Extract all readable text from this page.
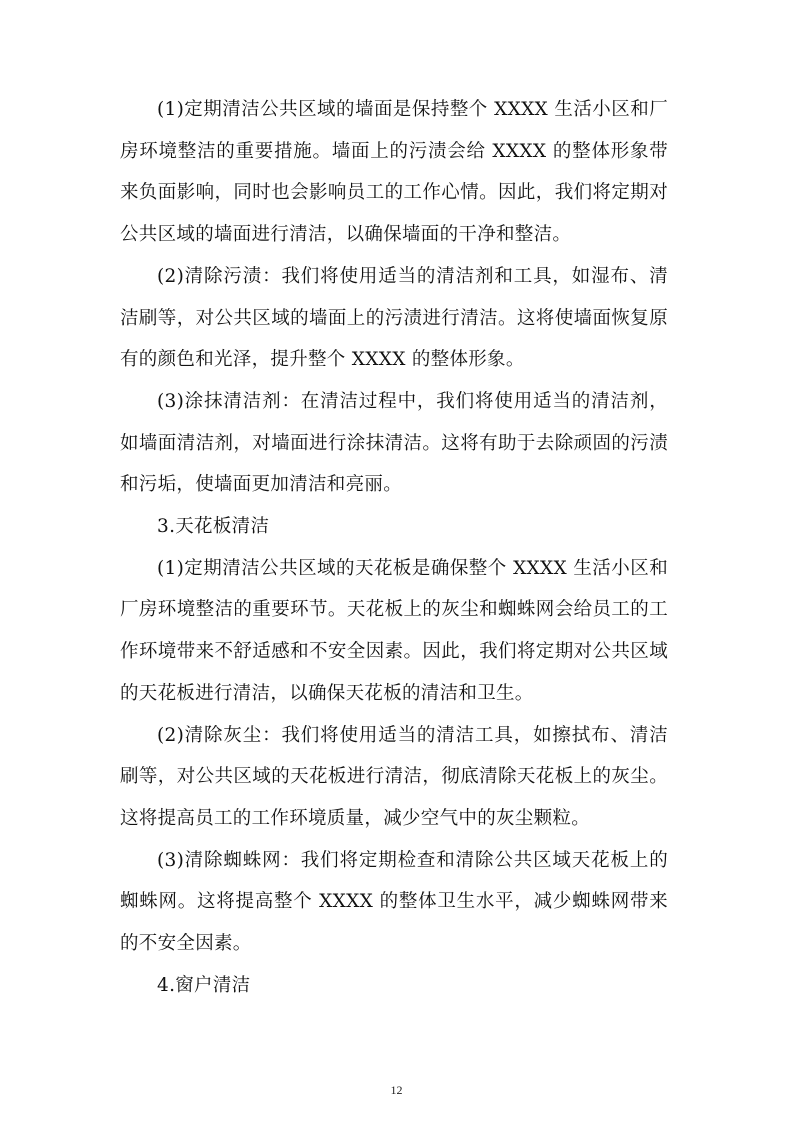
(1)定期清洁公共区域的墙面是保持整个 XXXX 生活小区和厂房环境整洁的重要措施。墙面上的污渍会给 XXXX 的整体形象带来负面影响，同时也会影响员工的工作心情。因此，我们将定期对公共区域的墙面进行清洁，以确保墙面的干净和整洁。

(2)清除污渍：我们将使用适当的清洁剂和工具，如湿布、清洁刷等，对公共区域的墙面上的污渍进行清洁。这将使墙面恢复原有的颜色和光泽，提升整个 XXXX 的整体形象。

(3)涂抹清洁剂：在清洁过程中，我们将使用适当的清洁剂，如墙面清洁剂，对墙面进行涂抹清洁。这将有助于去除顽固的污渍和污垢，使墙面更加清洁和亮丽。

3.天花板清洁

(1)定期清洁公共区域的天花板是确保整个 XXXX 生活小区和厂房环境整洁的重要环节。天花板上的灰尘和蜘蛛网会给员工的工作环境带来不舒适感和不安全因素。因此，我们将定期对公共区域的天花板进行清洁，以确保天花板的清洁和卫生。

(2)清除灰尘：我们将使用适当的清洁工具，如擦拭布、清洁刷等，对公共区域的天花板进行清洁，彻底清除天花板上的灰尘。这将提高员工的工作环境质量，减少空气中的灰尘颗粒。

(3)清除蜘蛛网：我们将定期检查和清除公共区域天花板上的蜘蛛网。这将提高整个 XXXX 的整体卫生水平，减少蜘蛛网带来的不安全因素。

4.窗户清洁

12
